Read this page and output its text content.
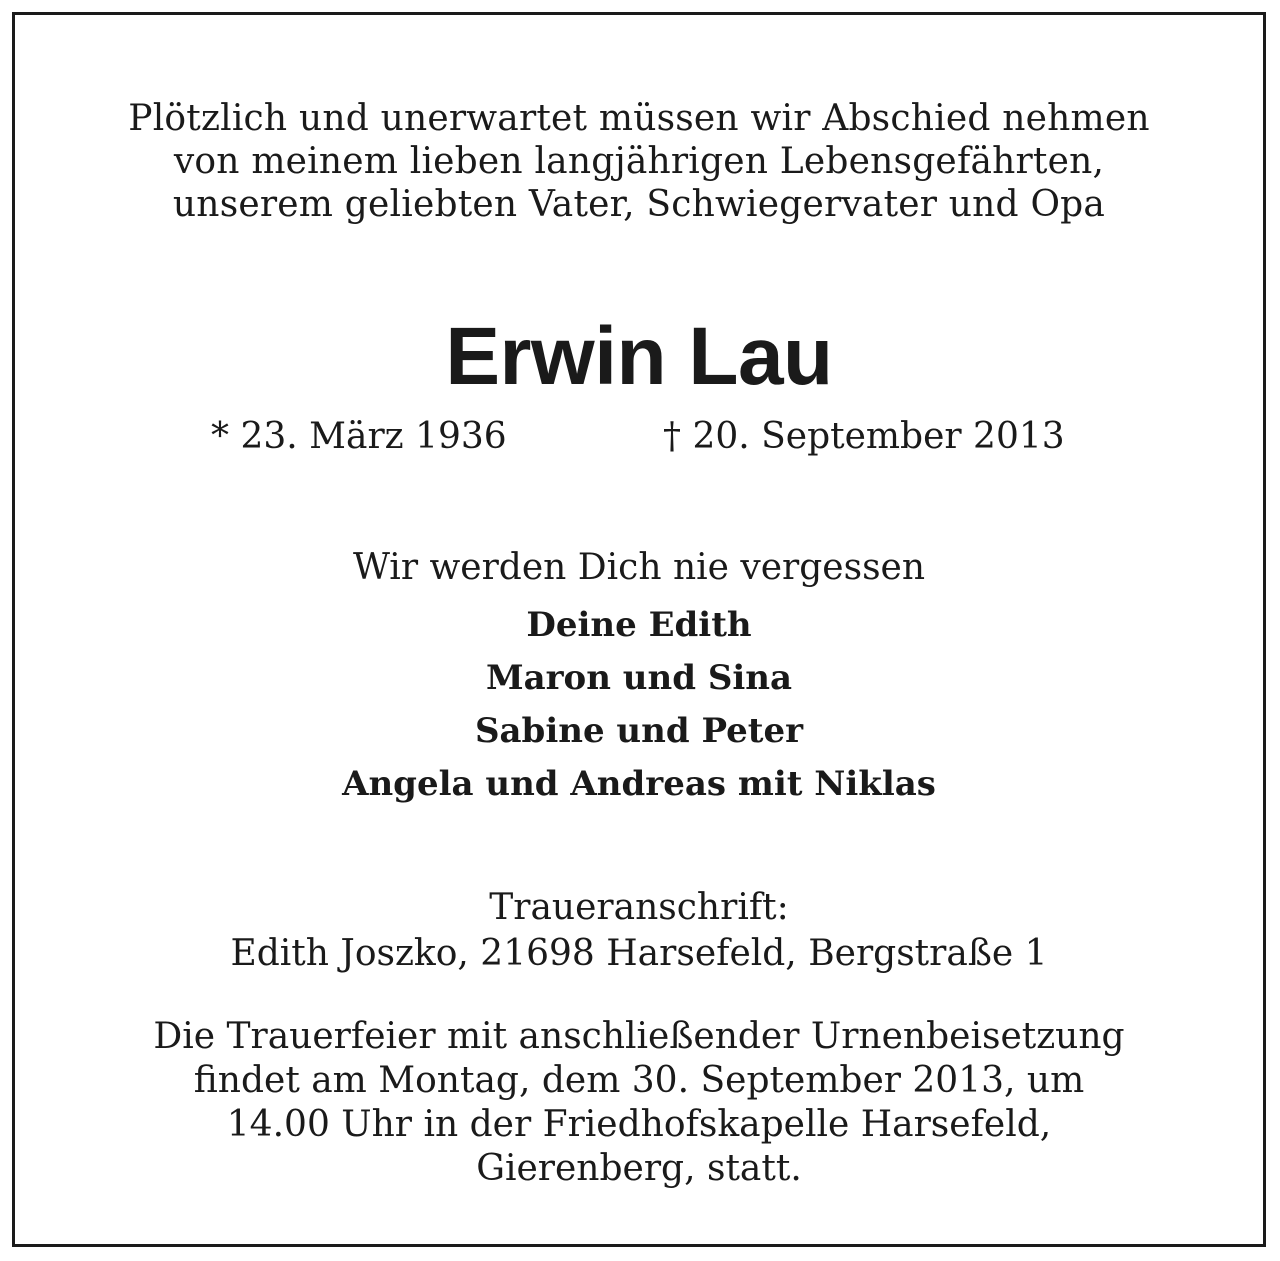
Plötzlich und unerwartet müssen wir Abschied nehmen
von meinem lieben langjährigen Lebensgefährten,
unserem geliebten Vater, Schwiegervater und Opa
Erwin Lau
* 23. März 1936	† 20. September 2013
Wir werden Dich nie vergessen
Deine Edith
Maron und Sina
Sabine und Peter
Angela und Andreas mit Niklas
Traueranschrift:
Edith Joszko, 21698 Harsefeld, Bergstraße 1
Die Trauerfeier mit anschließender Urnenbeisetzung
findet am Montag, dem 30. September 2013, um
14.00 Uhr in der Friedhofskapelle Harsefeld,
Gierenberg, statt.
